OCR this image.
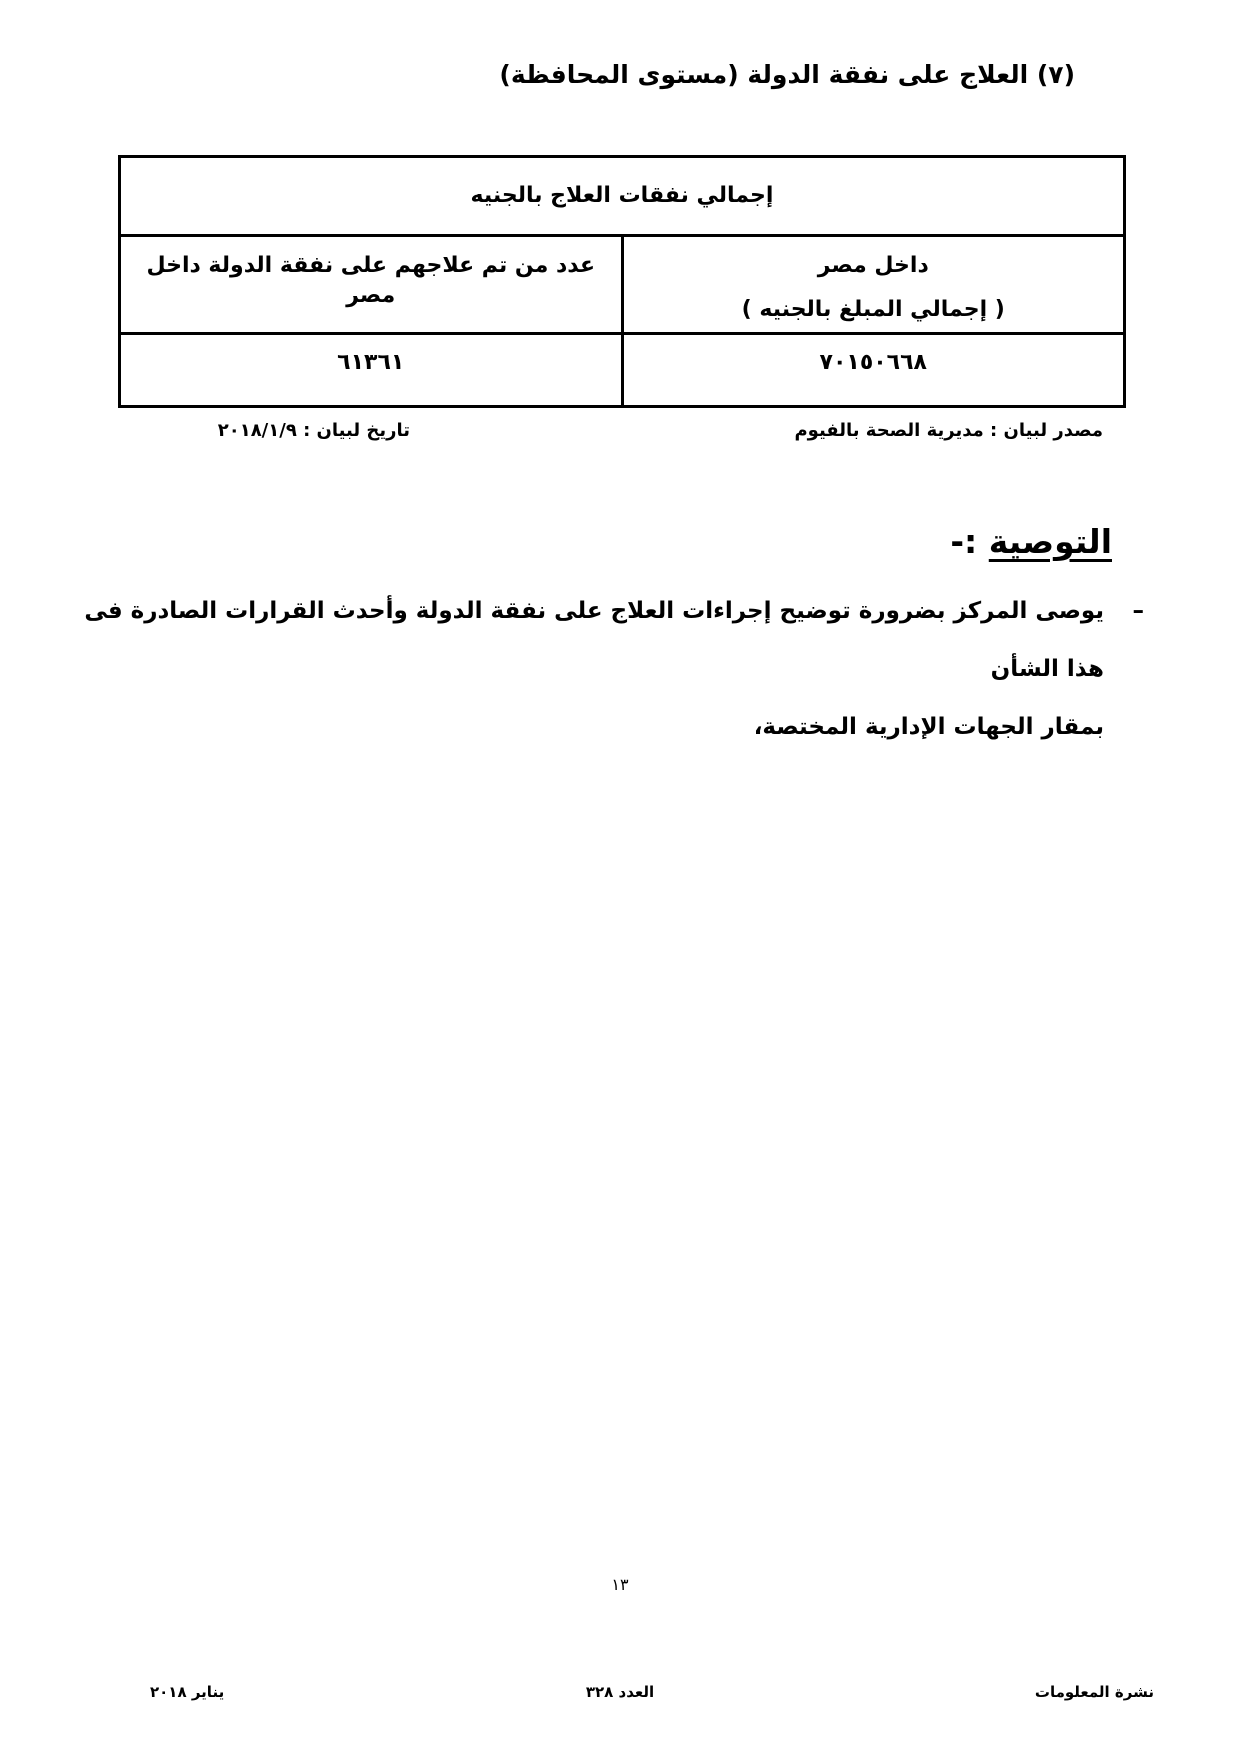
(٧) العلاج على نفقة الدولة (مستوى المحافظة)
إجمالي نفقات العلاج بالجنيه	

داخل مصر
( إجمالي المبلغ بالجنيه )	عدد من تم علاجهم على نفقة الدولة داخل مصر

٧٠١٥٠٦٦٨	٦١٣٦١
مصدر لبيان : مديرية الصحة بالفيوم
تاريخ لبيان : ٢٠١٨/١/٩
التوصية :-
–

يوصى المركز بضرورة توضيح إجراءات العلاج على نفقة الدولة وأحدث القرارات الصادرة فى هذا الشأن

بمقار الجهات الإدارية المختصة،

١٣
نشرة المعلومات
العدد ٣٢٨
يناير ٢٠١٨
